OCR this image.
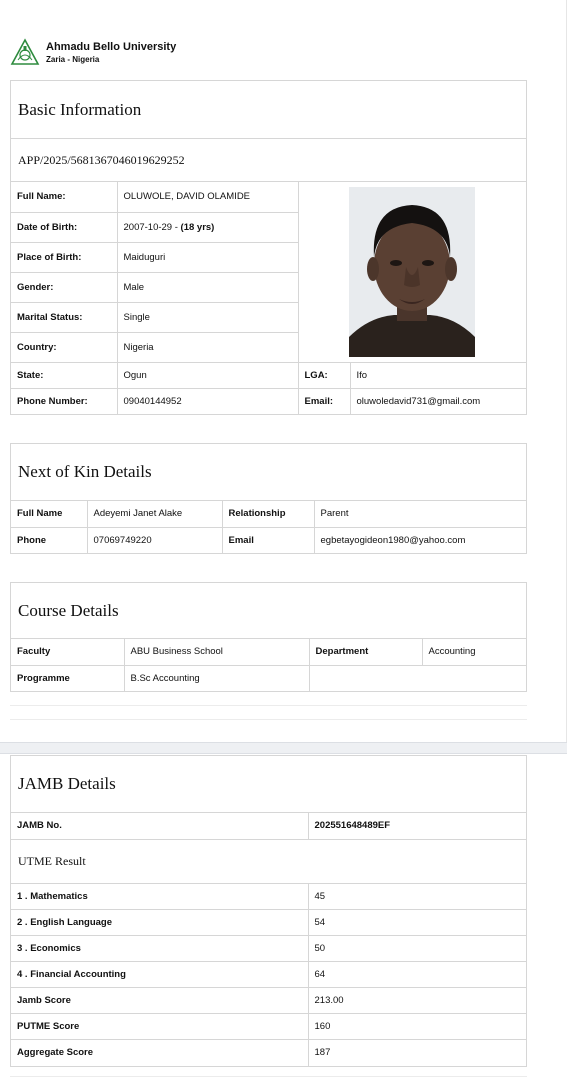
Ahmadu Bello University
Zaria - Nigeria
Basic Information
APP/2025/5681367046019629252
Full Name:	OLUWOLE, DAVID OLAMIDE	

Date of Birth:	2007-10-29 - (18 yrs)		
Place of Birth:	Maiduguri		
Gender:	Male		
Marital Status:	Single		
Country:	Nigeria		
State:	Ogun	LGA:	Ifo
Phone Number:	09040144952	Email:	oluwoledavid731@gmail.com
Next of Kin Details
Full Name	Adeyemi Janet Alake	Relationship	Parent
Phone	07069749220	Email	egbetayogideon1980@yahoo.com
Course Details
Faculty	ABU Business School	Department	Accounting
Programme	B.Sc Accounting		
JAMB Details
JAMB No.	202551648489EF
UTME Result
1 . Mathematics	45
2 . English Language	54
3 . Economics	50
4 . Financial Accounting	64
Jamb Score	213.00
PUTME Score	160
Aggregate Score	187
